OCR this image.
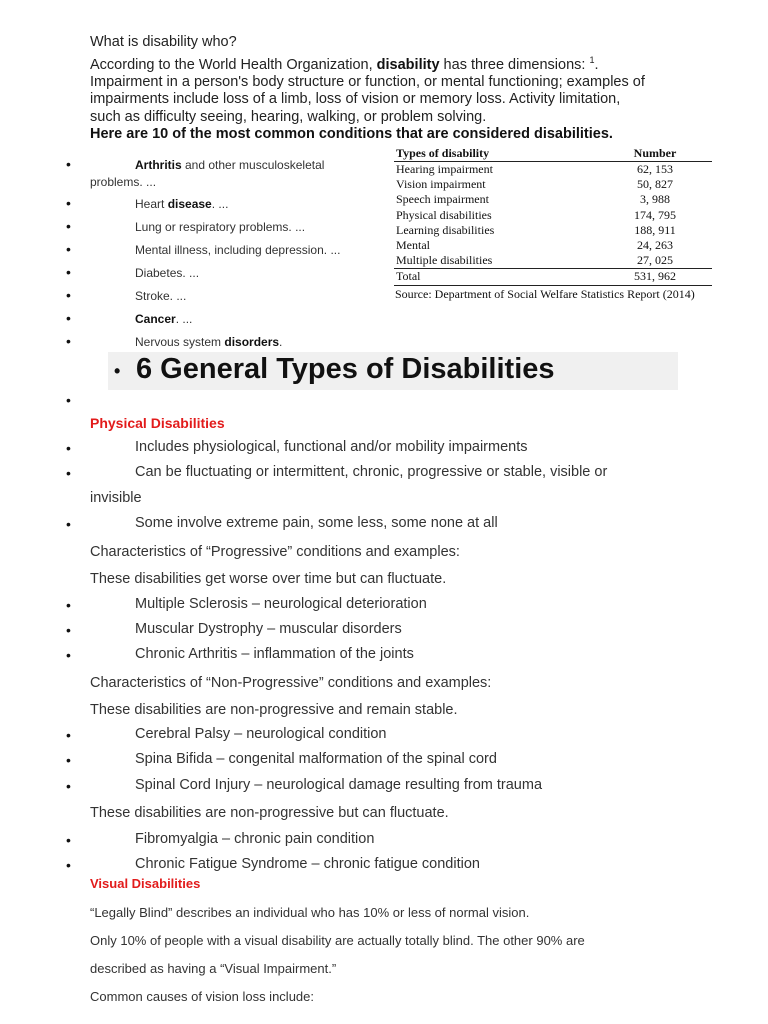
What is disability who?
According to the World Health Organization, disability has three dimensions: $^1$.
Impairment in a person's body structure or function, or mental functioning; examples of
impairments include loss of a limb, loss of vision or memory loss. Activity limitation,
such as difficulty seeing, hearing, walking, or problem solving.
Here are 10 of the most common conditions that are considered disabilities.
•	Arthritis and other musculoskeletal
problems. ...
•	Heart disease. ...
•	Lung or respiratory problems. ...
•	Mental illness, including depression. ...
•	Diabetes. ...
•	Stroke. ...
•	Cancer. ...
•	Nervous system disorders.
Types of disability	Number
Hearing impairment	62, 153
Vision impairment	50, 827
Speech impairment	3, 988
Physical disabilities	174, 795
Learning disabilities	188, 911
Mental	24, 263
Multiple disabilities	27, 025
Total	531, 962
Source: Department of Social Welfare Statistics Report (2014)
• 6 General Types of Disabilities
•
Physical Disabilities
•	Includes physiological, functional and/or mobility impairments
•	Can be fluctuating or intermittent, chronic, progressive or stable, visible or
invisible
•	Some involve extreme pain, some less, some none at all
Characteristics of “Progressive” conditions and examples:
These disabilities get worse over time but can fluctuate.
•	Multiple Sclerosis – neurological deterioration
•	Muscular Dystrophy – muscular disorders
•	Chronic Arthritis – inflammation of the joints
Characteristics of “Non-Progressive” conditions and examples:
These disabilities are non-progressive and remain stable.
•	Cerebral Palsy – neurological condition
•	Spina Bifida – congenital malformation of the spinal cord
•	Spinal Cord Injury – neurological damage resulting from trauma
These disabilities are non-progressive but can fluctuate.
•	Fibromyalgia – chronic pain condition
•	Chronic Fatigue Syndrome – chronic fatigue condition
Visual Disabilities
“Legally Blind” describes an individual who has 10% or less of normal vision.
Only 10% of people with a visual disability are actually totally blind. The other 90% are
described as having a “Visual Impairment.”
Common causes of vision loss include:
